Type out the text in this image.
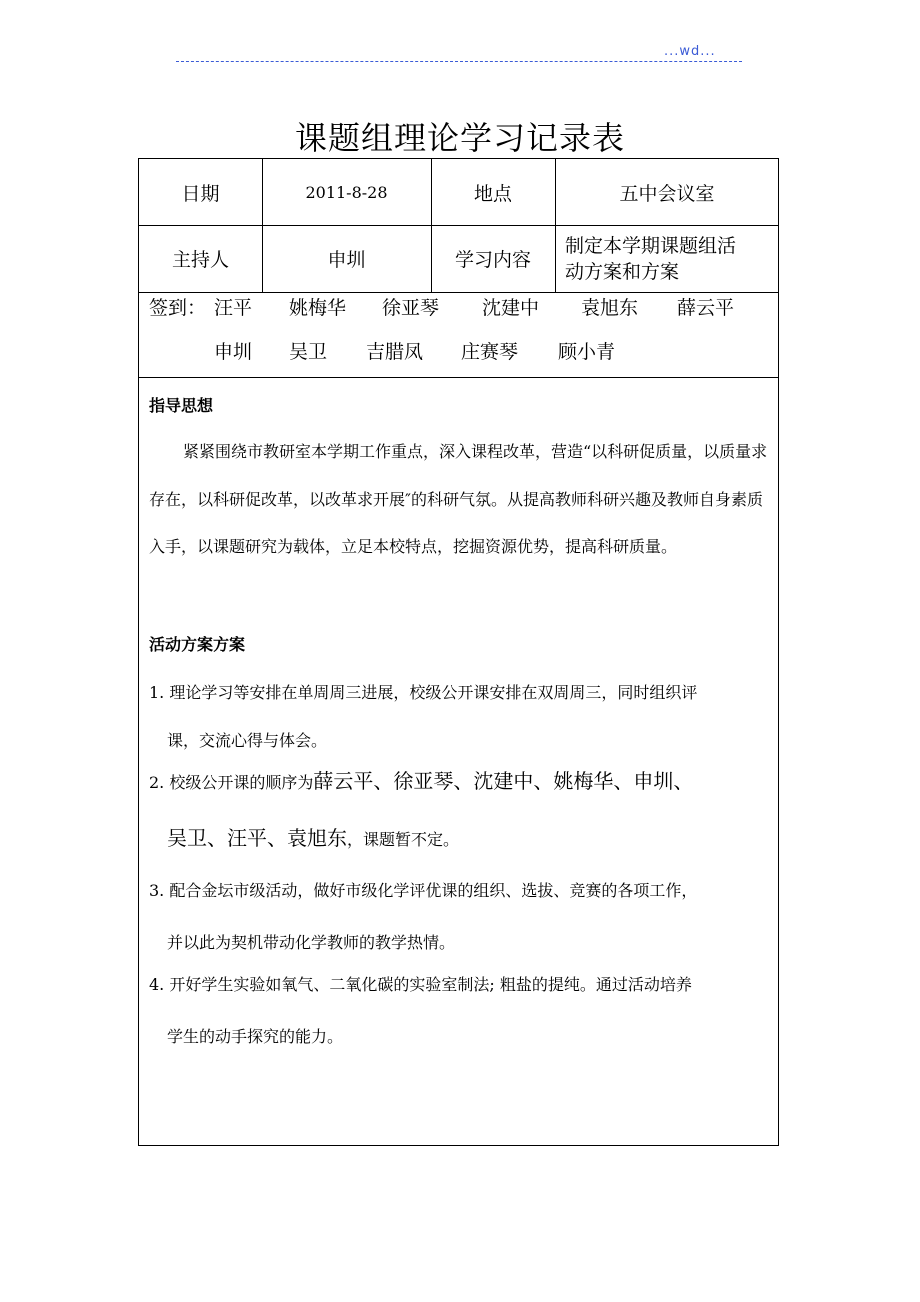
...wd...
课题组理论学习记录表
日期	2011-8-28	地点	五中会议室
主持人	申圳	学习内容
制定本学期课题组活
动方案和方案
签到： 汪平 姚梅华 徐亚琴 沈建中 袁旭东 薛云平
申圳 吴卫 吉腊凤 庄赛琴 顾小青
指导思想

紧紧围绕市教研室本学期工作重点，深入课程改革，营造“以科研促质量，以质量求存在，以科研促改革，以改革求开展″的科研气氛。从提高教师科研兴趣及教师自身素质入手，以课题研究为载体，立足本校特点，挖掘资源优势，提高科研质量。

活动方案方案
1. 理论学习等安排在单周周三进展，校级公开课安排在双周周三，同时组织评
课，交流心得与体会。
2. 校级公开课的顺序为薛云平、徐亚琴、沈建中、姚梅华、申圳、
吴卫、汪平、袁旭东，课题暂不定。
3. 配合金坛市级活动，做好市级化学评优课的组织、选拔、竞赛的各项工作，
并以此为契机带动化学教师的教学热情。
4. 开好学生实验如氧气、二氧化碳的实验室制法; 粗盐的提纯。通过活动培养
学生的动手探究的能力。
